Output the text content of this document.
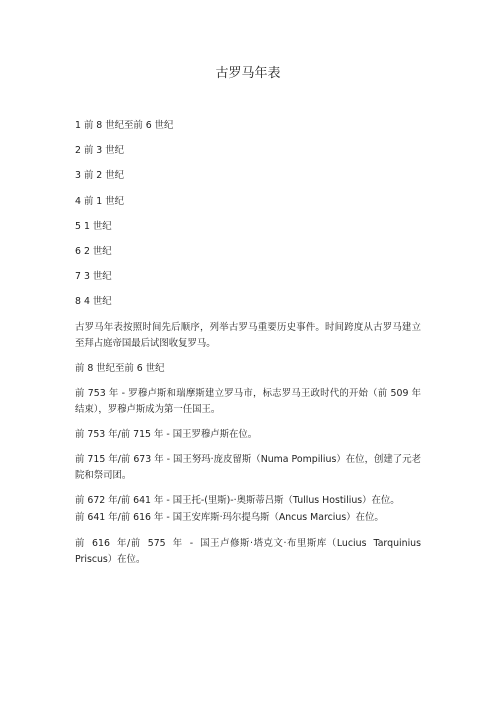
古罗马年表
1 前 8 世纪至前 6 世纪
2 前 3 世纪
3 前 2 世纪
4 前 1 世纪
5 1 世纪
6 2 世纪
7 3 世纪
8 4 世纪

古罗马年表按照时间先后顺序，列举古罗马重要历史事件。时间跨度从古罗马建立至拜占庭帝国最后试图收复罗马。

前 8 世纪至前 6 世纪

前 753 年 - 罗穆卢斯和瑞摩斯建立罗马市，标志罗马王政时代的开始（前 509 年结束），罗穆卢斯成为第一任国王。

前 753 年/前 715 年 - 国王罗穆卢斯在位。

前 715 年/前 673 年 - 国王努玛·庞皮留斯（Numa Pompilius）在位，创建了元老院和祭司团。

前 672 年/前 641 年 - 国王托-(里斯)-·奥斯蒂吕斯（Tullus Hostilius）在位。

前 641 年/前 616 年 - 国王安库斯·玛尔提乌斯（Ancus Marcius）在位。

前 616 年/前 575 年 - 国王卢修斯·塔克文·布里斯库（Lucius Tarquinius Priscus）在位。
